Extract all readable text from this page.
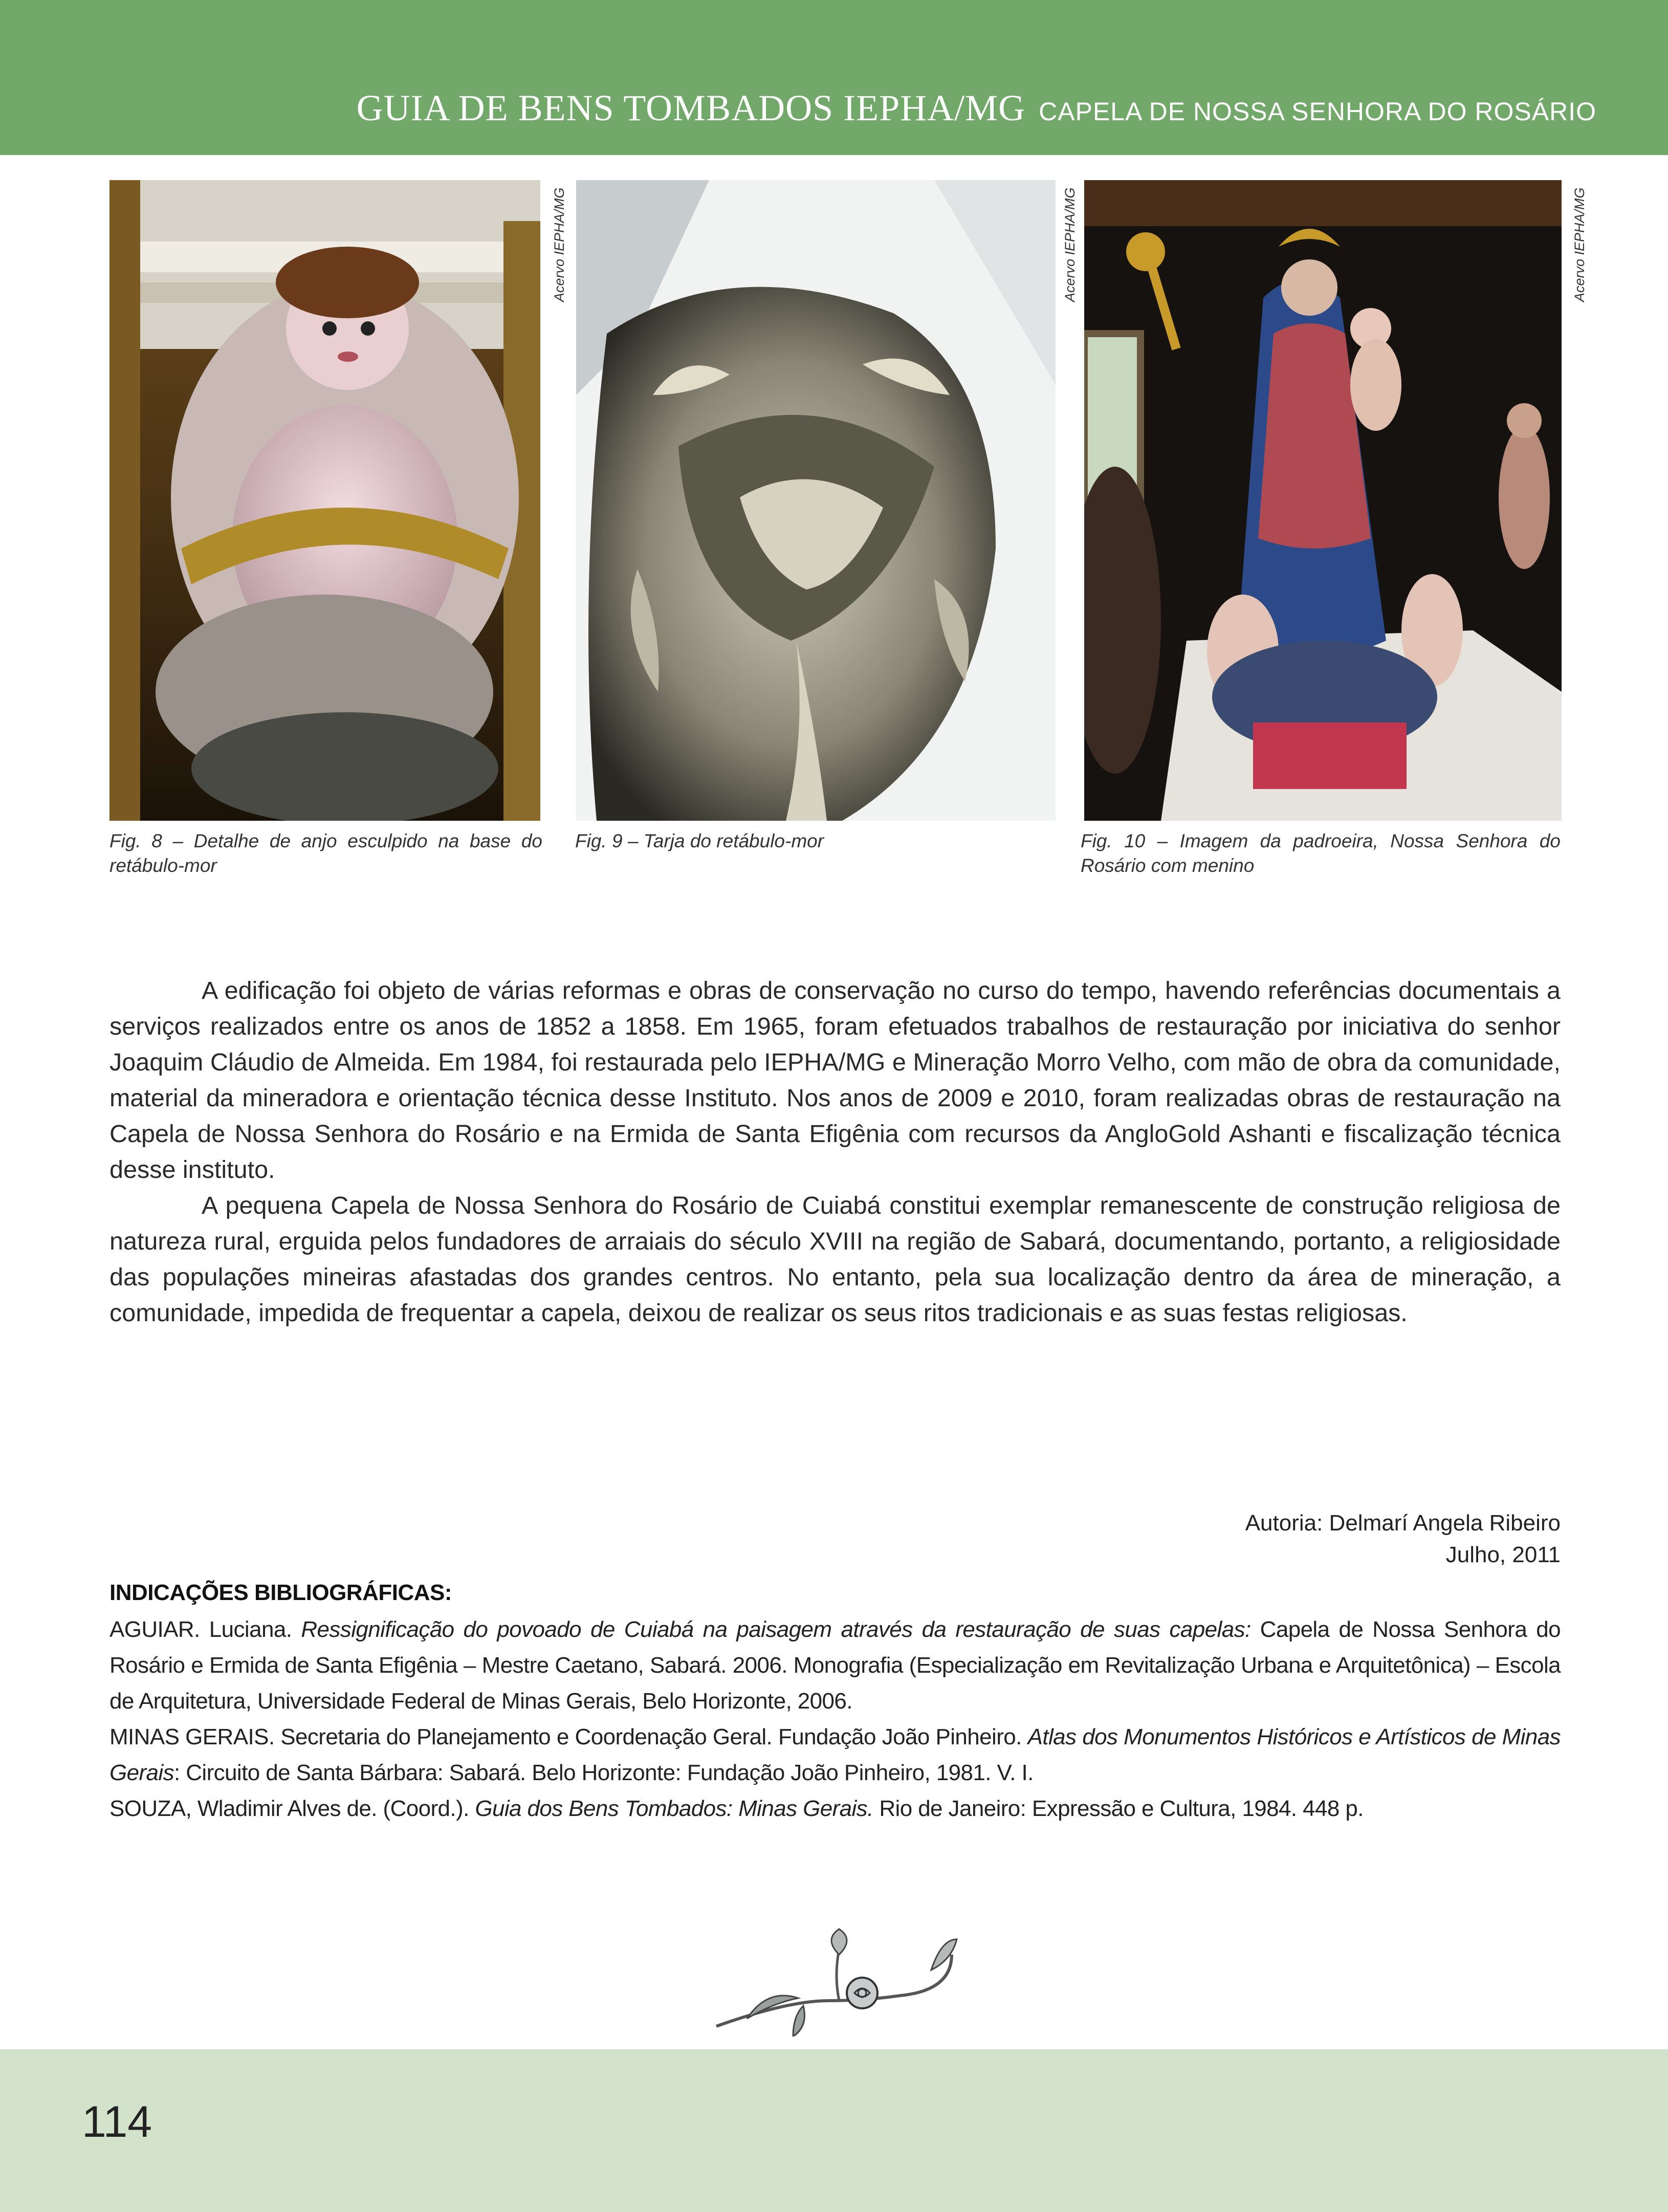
GUIA DE BENS TOMBADOS IEPHA/MG CAPELA DE NOSSA SENHORA DO ROSÁRIO
Acervo IEPHA/MG
Fig. 8 – Detalhe de anjo esculpido na base do retábulo-mor
Acervo IEPHA/MG
Fig. 9 – Tarja do retábulo-mor
Acervo IEPHA/MG
Fig. 10 – Imagem da padroeira, Nossa Senhora do Rosário com menino

A edificação foi objeto de várias reformas e obras de conservação no curso do tempo, havendo referências documentais a serviços realizados entre os anos de 1852 a 1858. Em 1965, foram efetuados trabalhos de restauração por iniciativa do senhor Joaquim Cláudio de Almeida. Em 1984, foi restaurada pelo IEPHA/MG e Mineração Morro Velho, com mão de obra da comunidade, material da mineradora e orientação técnica desse Instituto. Nos anos de 2009 e 2010, foram realizadas obras de restauração na Capela de Nossa Senhora do Rosário e na Ermida de Santa Efigênia com recursos da AngloGold Ashanti e fiscalização técnica desse instituto.

A pequena Capela de Nossa Senhora do Rosário de Cuiabá constitui exemplar remanescente de construção religiosa de natureza rural, erguida pelos fundadores de arraiais do século XVIII na região de Sabará, documentando, portanto, a religiosidade das populações mineiras afastadas dos grandes centros. No entanto, pela sua localização dentro da área de mineração, a comunidade, impedida de frequentar a capela, deixou de realizar os seus ritos tradicionais e as suas festas religiosas.

Autoria: Delmarí Angela Ribeiro
Julho, 2011
INDICAÇÕES BIBLIOGRÁFICAS:

AGUIAR. Luciana. Ressignificação do povoado de Cuiabá na paisagem através da restauração de suas capelas: Capela de Nossa Senhora do Rosário e Ermida de Santa Efigênia – Mestre Caetano, Sabará. 2006. Monografia (Especialização em Revitalização Urbana e Arquitetônica) – Escola de Arquitetura, Universidade Federal de Minas Gerais, Belo Horizonte, 2006.

MINAS GERAIS. Secretaria do Planejamento e Coordenação Geral. Fundação João Pinheiro. Atlas dos Monumentos Históricos e Artísticos de Minas Gerais: Circuito de Santa Bárbara: Sabará. Belo Horizonte: Fundação João Pinheiro, 1981. V. I.

SOUZA, Wladimir Alves de. (Coord.). Guia dos Bens Tombados: Minas Gerais. Rio de Janeiro: Expressão e Cultura, 1984. 448 p.

114
